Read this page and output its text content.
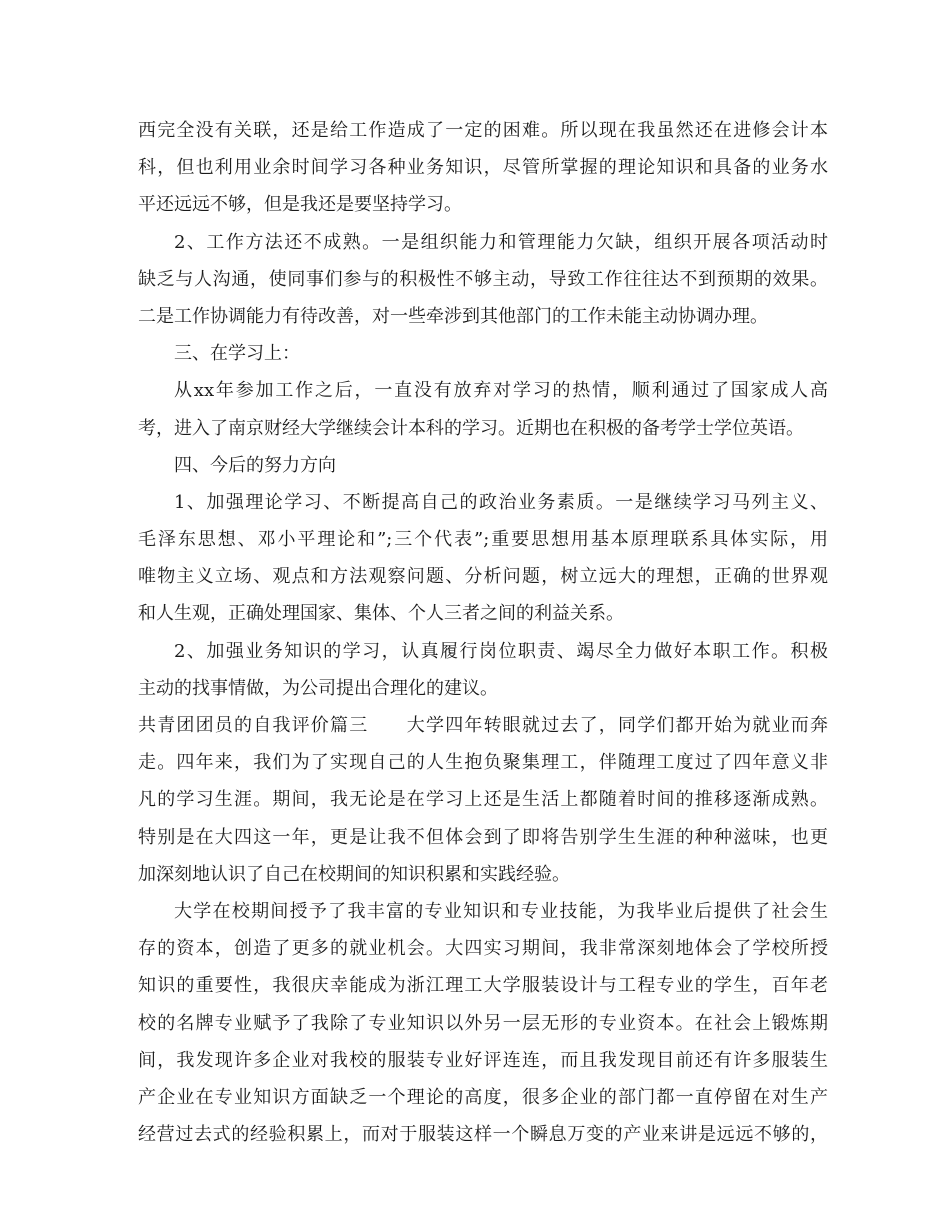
西完全没有关联，还是给工作造成了一定的困难。所以现在我虽然还在进修会计本
科，但也利用业余时间学习各种业务知识，尽管所掌握的理论知识和具备的业务水
平还远远不够，但是我还是要坚持学习。
2、工作方法还不成熟。一是组织能力和管理能力欠缺，组织开展各项活动时
缺乏与人沟通，使同事们参与的积极性不够主动，导致工作往往达不到预期的效果。
二是工作协调能力有待改善，对一些牵涉到其他部门的工作未能主动协调办理。
三、在学习上：
从xx年参加工作之后，一直没有放弃对学习的热情，顺利通过了国家成人高
考，进入了南京财经大学继续会计本科的学习。近期也在积极的备考学士学位英语。
四、今后的努力方向
1、加强理论学习、不断提高自己的政治业务素质。一是继续学习马列主义、
毛泽东思想、邓小平理论和”;三个代表”;重要思想用基本原理联系具体实际，用
唯物主义立场、观点和方法观察问题、分析问题，树立远大的理想，正确的世界观
和人生观，正确处理国家、集体、个人三者之间的利益关系。
2、加强业务知识的学习，认真履行岗位职责、竭尽全力做好本职工作。积极
主动的找事情做，为公司提出合理化的建议。
共青团团员的自我评价篇三　　大学四年转眼就过去了，同学们都开始为就业而奔
走。四年来，我们为了实现自己的人生抱负聚集理工，伴随理工度过了四年意义非
凡的学习生涯。期间，我无论是在学习上还是生活上都随着时间的推移逐渐成熟。
特别是在大四这一年，更是让我不但体会到了即将告别学生生涯的种种滋味，也更
加深刻地认识了自己在校期间的知识积累和实践经验。
大学在校期间授予了我丰富的专业知识和专业技能，为我毕业后提供了社会生
存的资本，创造了更多的就业机会。大四实习期间，我非常深刻地体会了学校所授
知识的重要性，我很庆幸能成为浙江理工大学服装设计与工程专业的学生，百年老
校的名牌专业赋予了我除了专业知识以外另一层无形的专业资本。在社会上锻炼期
间，我发现许多企业对我校的服装专业好评连连，而且我发现目前还有许多服装生
产企业在专业知识方面缺乏一个理论的高度，很多企业的部门都一直停留在对生产
经营过去式的经验积累上，而对于服装这样一个瞬息万变的产业来讲是远远不够的，
